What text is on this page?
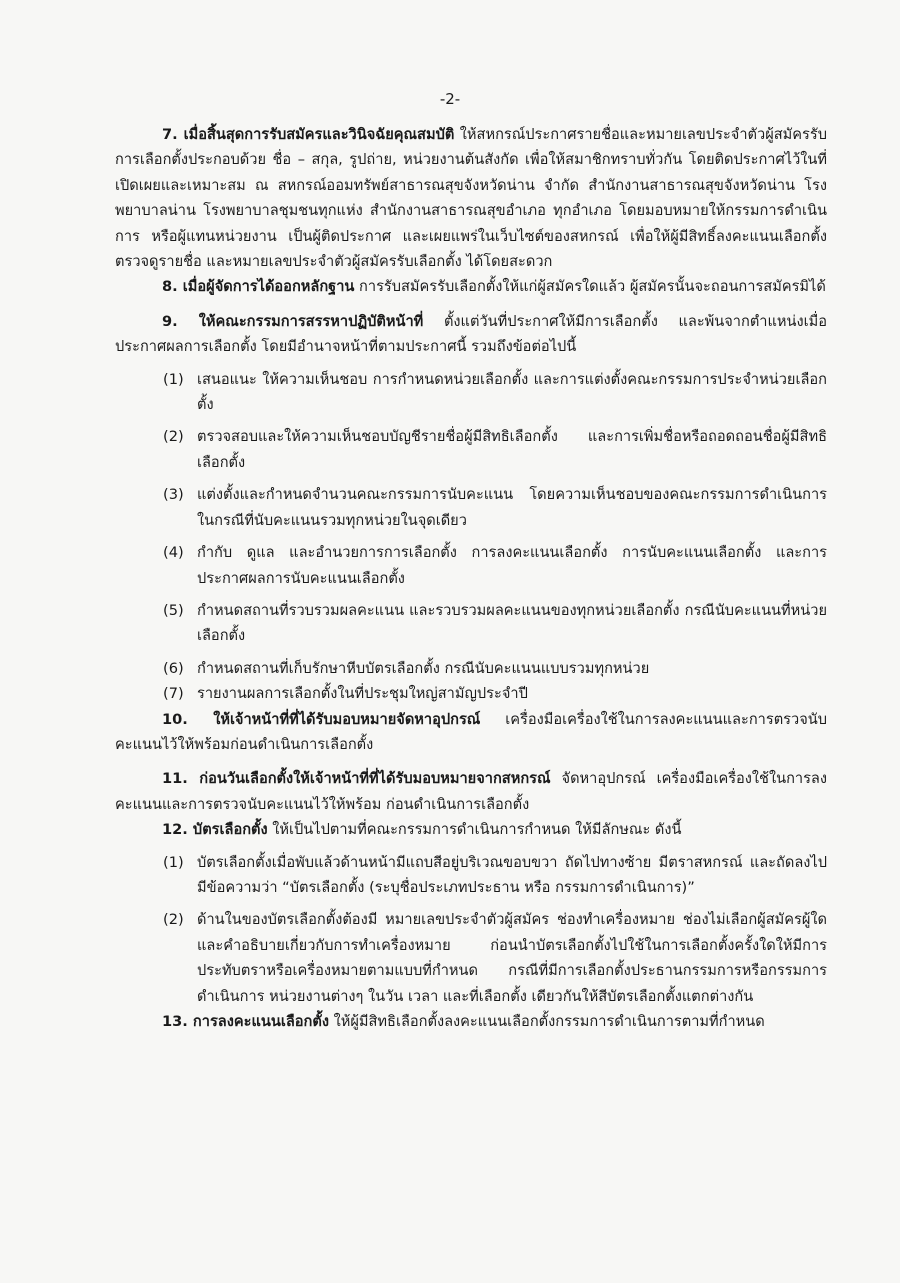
-2-

7. เมื่อสิ้นสุดการรับสมัครและวินิจฉัยคุณสมบัติ ให้สหกรณ์ประกาศรายชื่อและหมายเลขประจำตัวผู้สมัครรับการเลือกตั้งประกอบด้วย ชื่อ – สกุล, รูปถ่าย, หน่วยงานต้นสังกัด เพื่อให้สมาชิกทราบทั่วกัน โดยติดประกาศไว้ในที่เปิดเผยและเหมาะสม ณ สหกรณ์ออมทรัพย์สาธารณสุขจังหวัดน่าน จำกัด สำนักงานสาธารณสุขจังหวัดน่าน โรงพยาบาลน่าน โรงพยาบาลชุมชนทุกแห่ง สำนักงานสาธารณสุขอำเภอ ทุกอำเภอ โดยมอบหมายให้กรรมการดำเนินการ หรือผู้แทนหน่วยงาน เป็นผู้ติดประกาศ และเผยแพร่ในเว็บไซต์ของสหกรณ์ เพื่อให้ผู้มีสิทธิ์ลงคะแนนเลือกตั้งตรวจดูรายชื่อ และหมายเลขประจำตัวผู้สมัครรับเลือกตั้ง ได้โดยสะดวก

8. เมื่อผู้จัดการได้ออกหลักฐาน การรับสมัครรับเลือกตั้งให้แก่ผู้สมัครใดแล้ว ผู้สมัครนั้นจะถอนการสมัครมิได้

9. ให้คณะกรรมการสรรหาปฏิบัติหน้าที่ ตั้งแต่วันที่ประกาศให้มีการเลือกตั้ง และพ้นจากตำแหน่งเมื่อประกาศผลการเลือกตั้ง โดยมีอำนาจหน้าที่ตามประกาศนี้ รวมถึงข้อต่อไปนี้

(1) เสนอแนะ ให้ความเห็นชอบ การกำหนดหน่วยเลือกตั้ง และการแต่งตั้งคณะกรรมการประจำหน่วยเลือกตั้ง
(2) ตรวจสอบและให้ความเห็นชอบบัญชีรายชื่อผู้มีสิทธิเลือกตั้ง และการเพิ่มชื่อหรือถอดถอนชื่อผู้มีสิทธิเลือกตั้ง
(3) แต่งตั้งและกำหนดจำนวนคณะกรรมการนับคะแนน โดยความเห็นชอบของคณะกรรมการดำเนินการ ในกรณีที่นับคะแนนรวมทุกหน่วยในจุดเดียว
(4) กำกับ ดูแล และอำนวยการการเลือกตั้ง การลงคะแนนเลือกตั้ง การนับคะแนนเลือกตั้ง และการประกาศผลการนับคะแนนเลือกตั้ง
(5) กำหนดสถานที่รวบรวมผลคะแนน และรวบรวมผลคะแนนของทุกหน่วยเลือกตั้ง กรณีนับคะแนนที่หน่วยเลือกตั้ง
(6) กำหนดสถานที่เก็บรักษาหีบบัตรเลือกตั้ง กรณีนับคะแนนแบบรวมทุกหน่วย
(7) รายงานผลการเลือกตั้งในที่ประชุมใหญ่สามัญประจำปี

10. ให้เจ้าหน้าที่ที่ได้รับมอบหมายจัดหาอุปกรณ์ เครื่องมือเครื่องใช้ในการลงคะแนนและการตรวจนับคะแนนไว้ให้พร้อมก่อนดำเนินการเลือกตั้ง

11. ก่อนวันเลือกตั้งให้เจ้าหน้าที่ที่ได้รับมอบหมายจากสหกรณ์ จัดหาอุปกรณ์ เครื่องมือเครื่องใช้ในการลงคะแนนและการตรวจนับคะแนนไว้ให้พร้อม ก่อนดำเนินการเลือกตั้ง

12. บัตรเลือกตั้ง ให้เป็นไปตามที่คณะกรรมการดำเนินการกำหนด ให้มีลักษณะ ดังนี้

(1) บัตรเลือกตั้งเมื่อพับแล้วด้านหน้ามีแถบสีอยู่บริเวณขอบขวา ถัดไปทางซ้าย มีตราสหกรณ์ และถัดลงไปมีข้อความว่า “บัตรเลือกตั้ง (ระบุชื่อประเภทประธาน หรือ กรรมการดำเนินการ)”
(2) ด้านในของบัตรเลือกตั้งต้องมี หมายเลขประจำตัวผู้สมัคร ช่องทำเครื่องหมาย ช่องไม่เลือกผู้สมัครผู้ใด และคำอธิบายเกี่ยวกับการทำเครื่องหมาย ก่อนนำบัตรเลือกตั้งไปใช้ในการเลือกตั้งครั้งใดให้มีการประทับตราหรือเครื่องหมายตามแบบที่กำหนด กรณีที่มีการเลือกตั้งประธานกรรมการหรือกรรมการดำเนินการ หน่วยงานต่างๆ ในวัน เวลา และที่เลือกตั้ง เดียวกันให้สีบัตรเลือกตั้งแตกต่างกัน

13. การลงคะแนนเลือกตั้ง ให้ผู้มีสิทธิเลือกตั้งลงคะแนนเลือกตั้งกรรมการดำเนินการตามที่กำหนด
